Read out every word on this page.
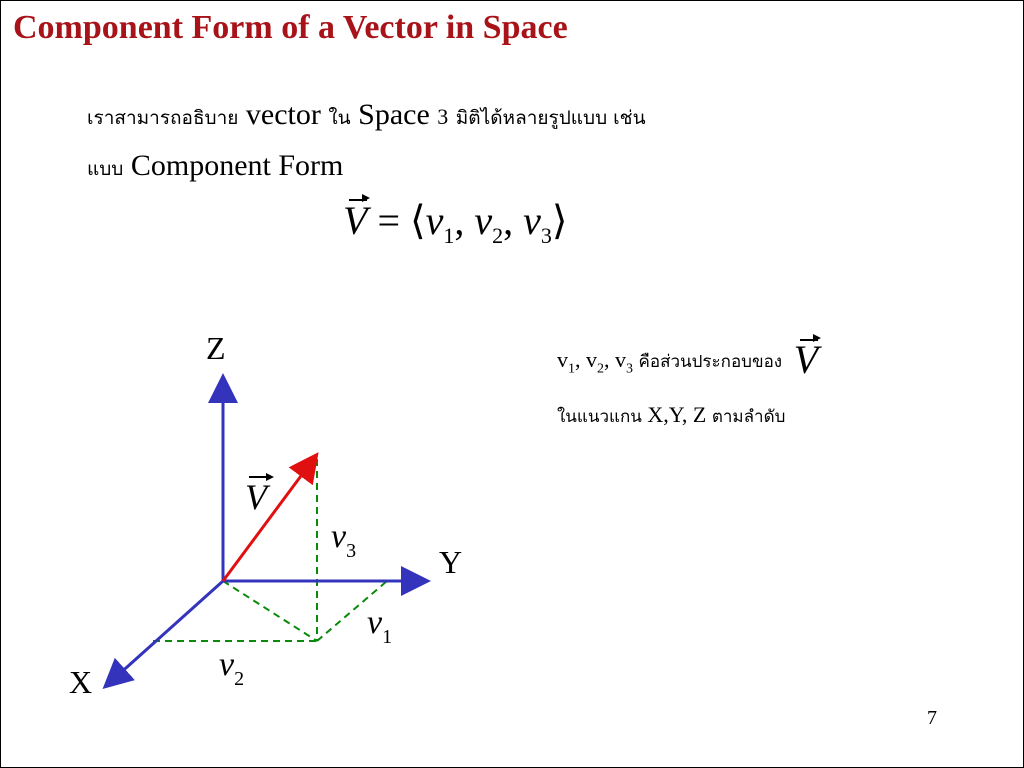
Component Form of a Vector in Space
เราสามารถอธิบาย vector ใน Space 3 มิติได้หลายรูปแบบ เช่น
แบบ Component Form
$V = ⟨v_1$, $v_2$, $v_3⟩$
$v_1$, $v_2$, $v_3$ คือส่วนประกอบของ V
ในแนวแกน X,Y, Z ตามลำดับ
Z
Y
X
V
$v_3$
$v_1$
$v_2$
7
